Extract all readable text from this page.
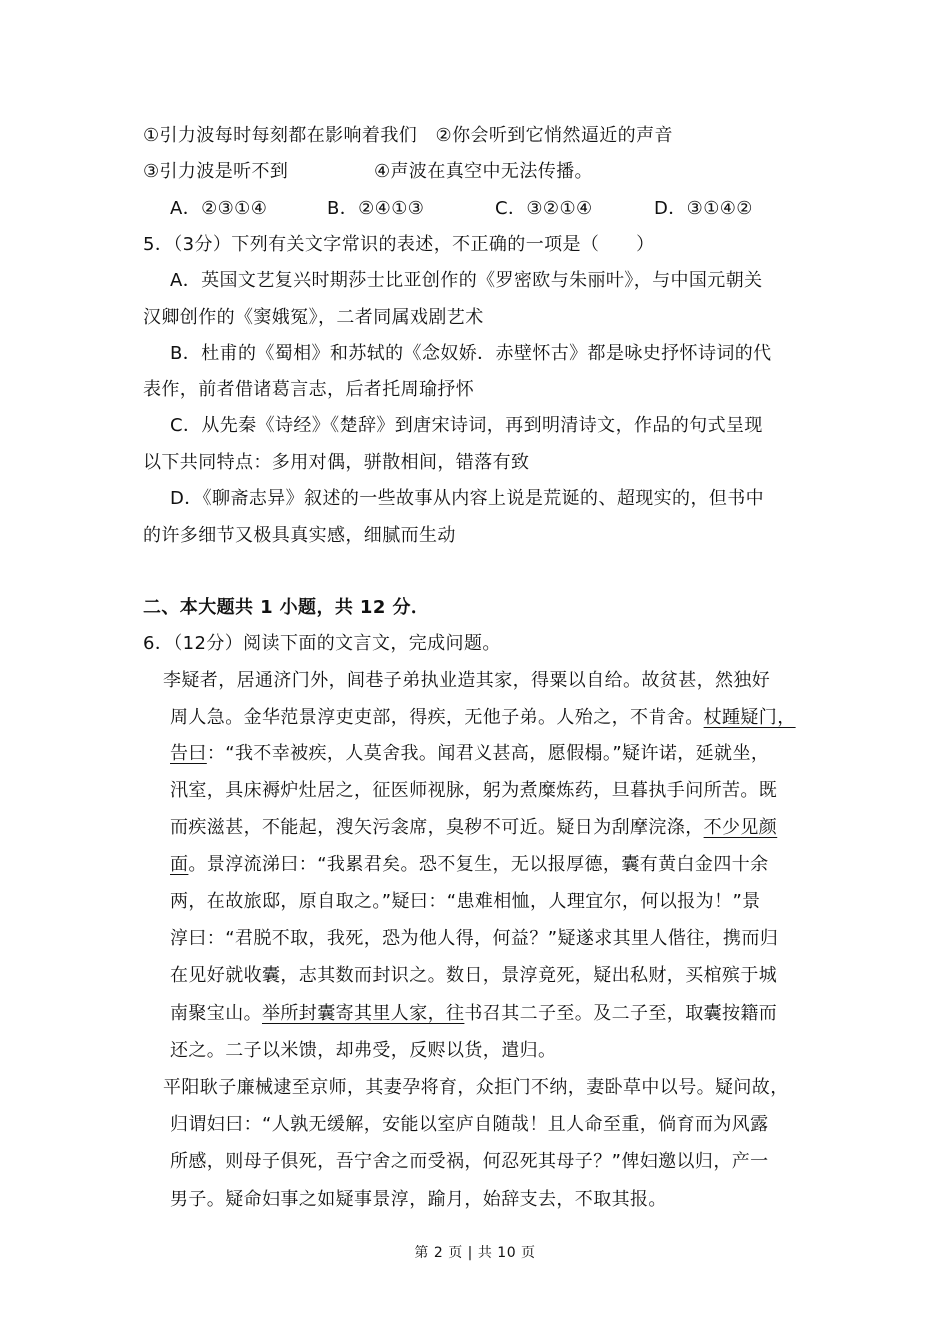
①引力波每时每刻都在影响着我们　②你会听到它悄然逼近的声音
③引力波是听不到	④声波在真空中无法传播。
A．②③①④	B．②④①③	C．③②①④	D．③①④②
5．（3分）下列有关文字常识的表述，不正确的一项是（　　）
A．英国文艺复兴时期莎士比亚创作的《罗密欧与朱丽叶》，与中国元朝关
汉卿创作的《窦娥冤》，二者同属戏剧艺术
B．杜甫的《蜀相》和苏轼的《念奴娇．赤壁怀古》都是咏史抒怀诗词的代
表作，前者借诸葛言志，后者托周瑜抒怀
C．从先秦《诗经》《楚辞》到唐宋诗词，再到明清诗文，作品的句式呈现
以下共同特点：多用对偶，骈散相间，错落有致
D．《聊斋志异》叙述的一些故事从内容上说是荒诞的、超现实的，但书中
的许多细节又极具真实感，细腻而生动
二、本大题共 1 小题，共 12 分．
6．（12分）阅读下面的文言文，完成问题。
李疑者，居通济门外，闾巷子弟执业造其家，得粟以自给。故贫甚，然独好
周人急。金华范景淳吏吏部，得疾，无他子弟。人殆之，不肯舍。杖踵疑门，
告曰：“我不幸被疾，人莫舍我。闻君义甚高，愿假榻。”疑许诺，延就坐，
汛室，具床褥炉灶居之，征医师视脉，躬为煮糜炼药，旦暮执手问所苦。既
而疾滋甚，不能起，溲矢污衾席，臭秽不可近。疑日为刮摩浣涤，不少见颜
面。景淳流涕曰：“我累君矣。恐不复生，无以报厚德，囊有黄白金四十余
两，在故旅邸，原自取之。”疑曰：“患难相恤，人理宜尔，何以报为！”景
淳曰：“君脱不取，我死，恐为他人得，何益？”疑遂求其里人偕往，携而归
在见好就收囊，志其数而封识之。数日，景淳竟死，疑出私财，买棺殡于城
南聚宝山。举所封囊寄其里人家，往书召其二子至。及二子至，取囊按籍而
还之。二子以米馈，却弗受，反赆以货，遣归。
平阳耿子廉械逮至京师，其妻孕将育，众拒门不纳，妻卧草中以号。疑问故，
归谓妇曰：“人孰无缓解，安能以室庐自随哉！且人命至重，倘育而为风露
所感，则母子俱死，吾宁舍之而受祸，何忍死其母子？”俾妇邀以归，产一
男子。疑命妇事之如疑事景淳，踰月，始辞支去，不取其报。
第 2 页 | 共 10 页
